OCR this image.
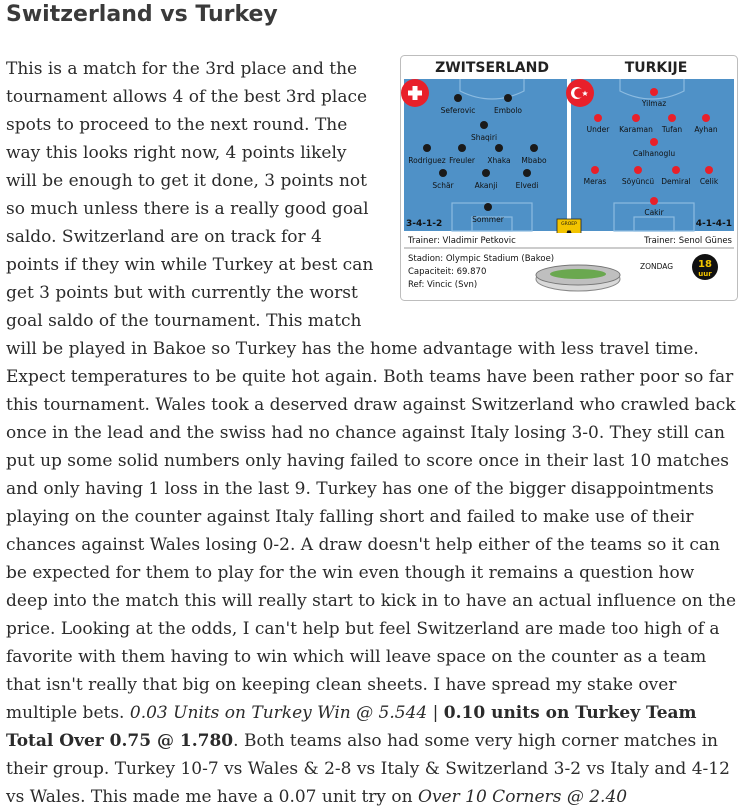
Switzerland vs Turkey
ZWITSERLAND	TURKIJE
Seferovic Embolo
Shaqiri
Rodriguez Freuler Xhaka Mbabo
Schär	Akanji Elvedi
Sommer
Yilmaz
Under Karaman Tufan Ayhan
Calhanoglu
Meras Söyüncü Demiral Celik
Cakir
3-4-1-2	4-1-4-1
GROEP
Trainer: Vladimir Petkovic	Trainer: Senol Günes
Stadion: Olympic Stadium (Bakoe)
Capaciteit: 69.870
Ref: Vincic (Svn)
ZONDAG 18
uur

This is a match for the 3rd place and the tournament allows 4 of the best 3rd place spots to proceed to the next round. The way this looks right now, 4 points likely will be enough to get it done, 3 points not so much unless there is a really good goal saldo. Switzerland are on track for 4 points if they win while Turkey at best can get 3 points but with currently the worst goal saldo of the tournament. This match will be played in Bakoe so Turkey has the home advantage with less travel time. Expect temperatures to be quite hot again. Both teams have been rather poor so far this tournament. Wales took a deserved draw against Switzerland who crawled back once in the lead and the swiss had no chance against Italy losing 3-0. They still can put up some solid numbers only having failed to score once in their last 10 matches and only having 1 loss in the last 9. Turkey has one of the bigger disappointments playing on the counter against Italy falling short and failed to make use of their chances against Wales losing 0-2. A draw doesn't help either of the teams so it can be expected for them to play for the win even though it remains a question how deep into the match this will really start to kick in to have an actual influence on the price. Looking at the odds, I can't help but feel Switzerland are made too high of a favorite with them having to win which will leave space on the counter as a team that isn't really that big on keeping clean sheets. I have spread my stake over multiple bets. 0.03 Units on Turkey Win @ 5.544 | 0.10 units on Turkey Team Total Over 0.75 @ 1.780. Both teams also had some very high corner matches in their group. Turkey 10-7 vs Wales & 2-8 vs Italy & Switzerland 3-2 vs Italy and 4-12 vs Wales. This made me have a 0.07 unit try on Over 10 Corners @ 2.40
